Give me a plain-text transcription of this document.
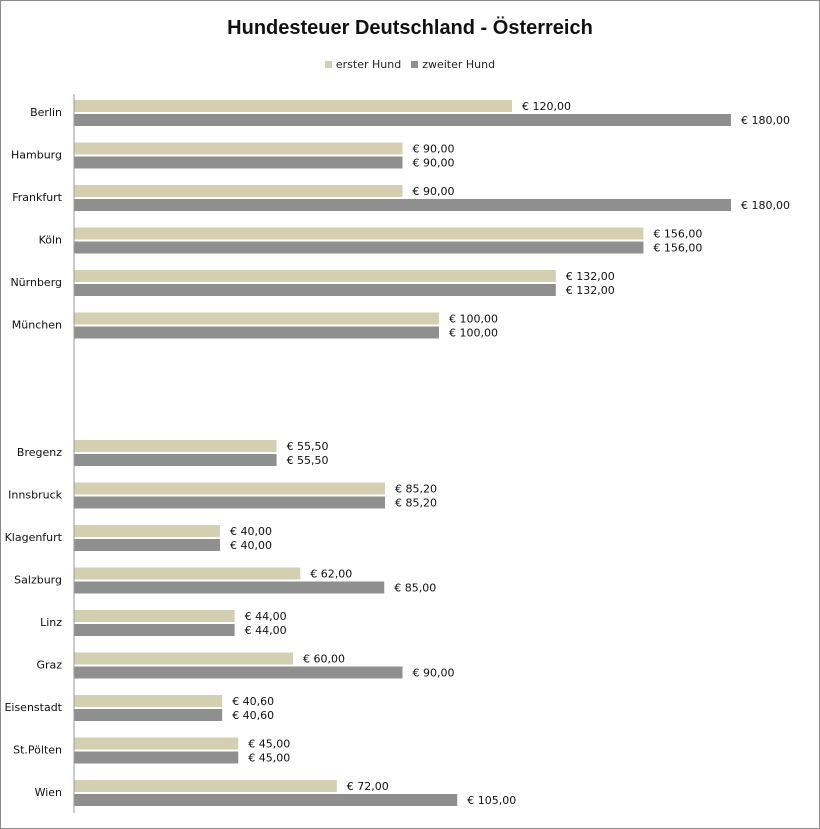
Hundesteuer Deutschland - Österreich
erster Hund zweiter Hund
Berlin	€ 120,00
€ 180,00
Hamburg	€ 90,00
€ 90,00
Frankfurt	€ 90,00
€ 180,00
Köln	€ 156,00
€ 156,00
Nürnberg	€ 132,00
€ 132,00
München	€ 100,00
€ 100,00
Bregenz	€ 55,50
€ 55,50
Innsbruck	€ 85,20
€ 85,20
Klagenfurt	€ 40,00
€ 40,00
Salzburg	€ 62,00
€ 85,00
Linz	€ 44,00
€ 44,00
Graz	€ 60,00
€ 90,00
Eisenstadt	€ 40,60
€ 40,60
St.Pölten	€ 45,00
€ 45,00
Wien	€ 72,00
€ 105,00
